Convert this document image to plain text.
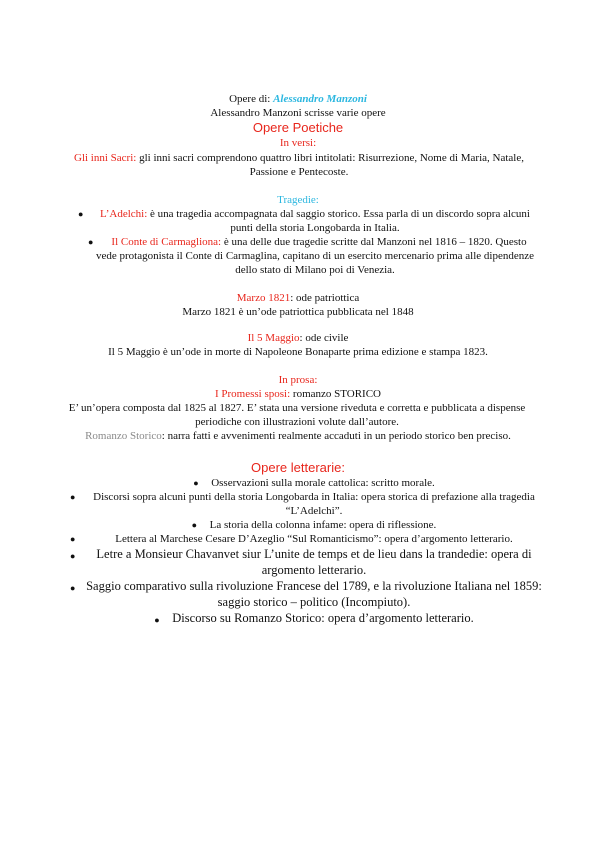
Opere di: Alessandro Manzoni
Alessandro Manzoni scrisse varie opere
Opere Poetiche
In versi:
Gli inni Sacri: gli inni sacri comprendono quattro libri intitolati: Risurrezione, Nome di Maria, Natale, Passione e Pentecoste.
Tragedie:
● L’Adelchi: è una tragedia accompagnata dal saggio storico. Essa parla di un discordo sopra alcuni punti della storia Longobarda in Italia.
● Il Conte di Carmagliona: è una delle due tragedie scritte dal Manzoni nel 1816 – 1820. Questo vede protagonista il Conte di Carmaglina, capitano di un esercito mercenario prima alle dipendenze dello stato di Milano poi di Venezia.
Marzo 1821: ode patriottica
Marzo 1821 è un’ode patriottica pubblicata nel 1848
Il 5 Maggio: ode civile
Il 5 Maggio è un’ode in morte di Napoleone Bonaparte prima edizione e stampa 1823.
In prosa:
I Promessi sposi: romanzo STORICO
E’ un’opera composta dal 1825 al 1827. E’ stata una versione riveduta e corretta e pubblicata a dispense periodiche con illustrazioni volute dall’autore.
Romanzo Storico: narra fatti e avvenimenti realmente accaduti in un periodo storico ben preciso.
Opere letterarie:
● Osservazioni sulla morale cattolica: scritto morale.
● Discorsi sopra alcuni punti della storia Longobarda in Italia: opera storica di prefazione alla tragedia “L’Adelchi”.
● La storia della colonna infame: opera di riflessione.
●	Lettera al Marchese Cesare D’Azeglio “Sul Romanticismo”: opera d’argomento letterario.
● Letre a Monsieur Chavanvet siur L’unite de temps et de lieu dans la trandedie: opera di argomento letterario.
● Saggio comparativo sulla rivoluzione Francese del 1789, e la rivoluzione Italiana nel 1859: saggio storico – politico (Incompiuto).
● Discorso su Romanzo Storico: opera d’argomento letterario.
